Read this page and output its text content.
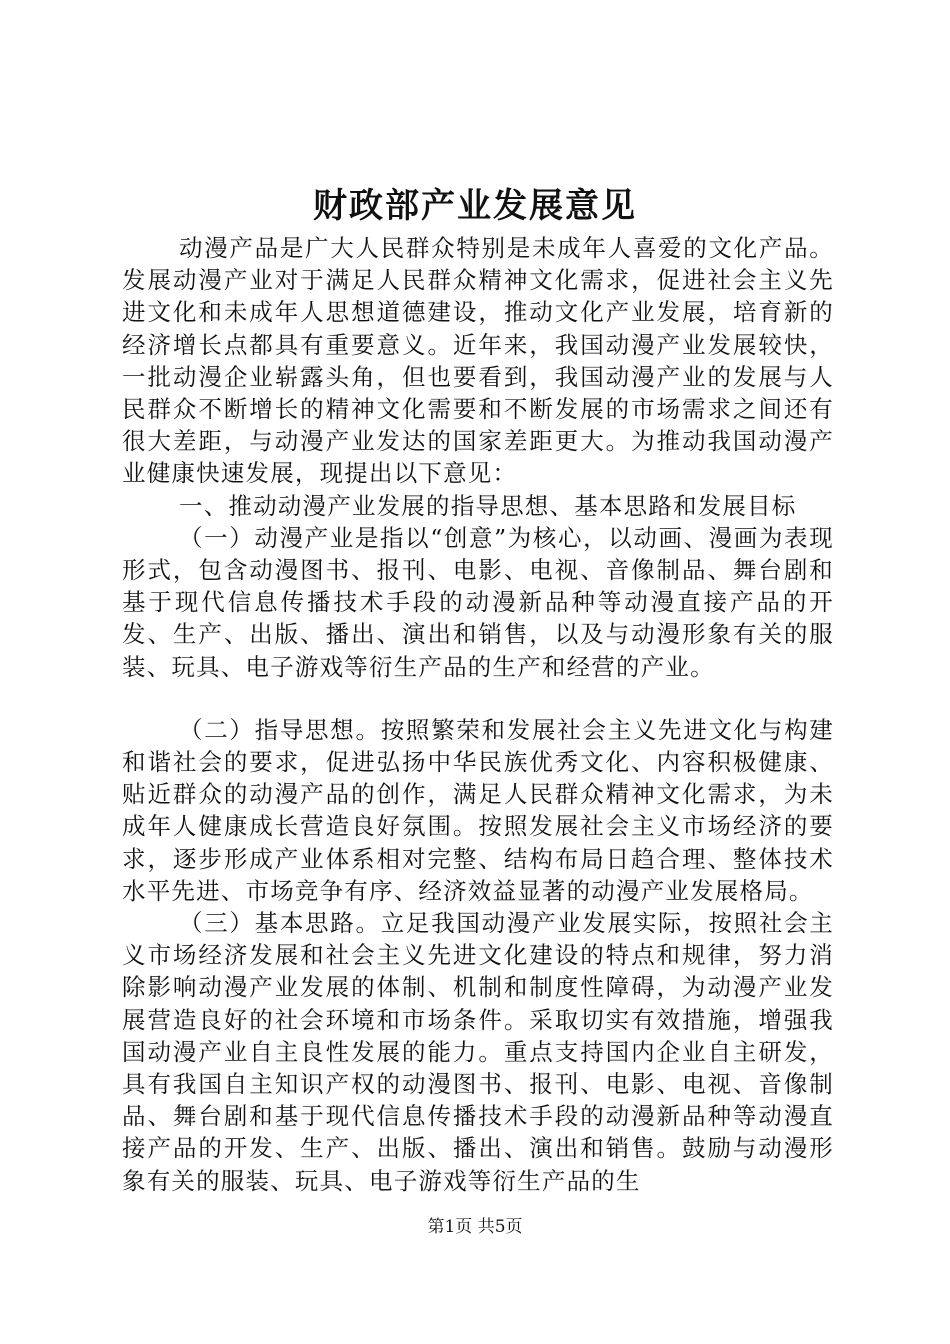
财政部产业发展意见

动漫产品是广大人民群众特别是未成年人喜爱的文化产品。发展动漫产业对于满足人民群众精神文化需求，促进社会主义先进文化和未成年人思想道德建设，推动文化产业发展，培育新的经济增长点都具有重要意义。近年来，我国动漫产业发展较快，一批动漫企业崭露头角，但也要看到，我国动漫产业的发展与人民群众不断增长的精神文化需要和不断发展的市场需求之间还有很大差距，与动漫产业发达的国家差距更大。为推动我国动漫产业健康快速发展，现提出以下意见：

一、推动动漫产业发展的指导思想、基本思路和发展目标

（一）动漫产业是指以“创意”为核心，以动画、漫画为表现形式，包含动漫图书、报刊、电影、电视、音像制品、舞台剧和基于现代信息传播技术手段的动漫新品种等动漫直接产品的开发、生产、出版、播出、演出和销售，以及与动漫形象有关的服装、玩具、电子游戏等衍生产品的生产和经营的产业。

（二）指导思想。按照繁荣和发展社会主义先进文化与构建和谐社会的要求，促进弘扬中华民族优秀文化、内容积极健康、贴近群众的动漫产品的创作，满足人民群众精神文化需求，为未成年人健康成长营造良好氛围。按照发展社会主义市场经济的要求，逐步形成产业体系相对完整、结构布局日趋合理、整体技术水平先进、市场竞争有序、经济效益显著的动漫产业发展格局。

（三）基本思路。立足我国动漫产业发展实际，按照社会主义市场经济发展和社会主义先进文化建设的特点和规律，努力消除影响动漫产业发展的体制、机制和制度性障碍，为动漫产业发展营造良好的社会环境和市场条件。采取切实有效措施，增强我国动漫产业自主良性发展的能力。重点支持国内企业自主研发，具有我国自主知识产权的动漫图书、报刊、电影、电视、音像制品、舞台剧和基于现代信息传播技术手段的动漫新品种等动漫直接产品的开发、生产、出版、播出、演出和销售。鼓励与动漫形象有关的服装、玩具、电子游戏等衍生产品的生

第1页 共5页
